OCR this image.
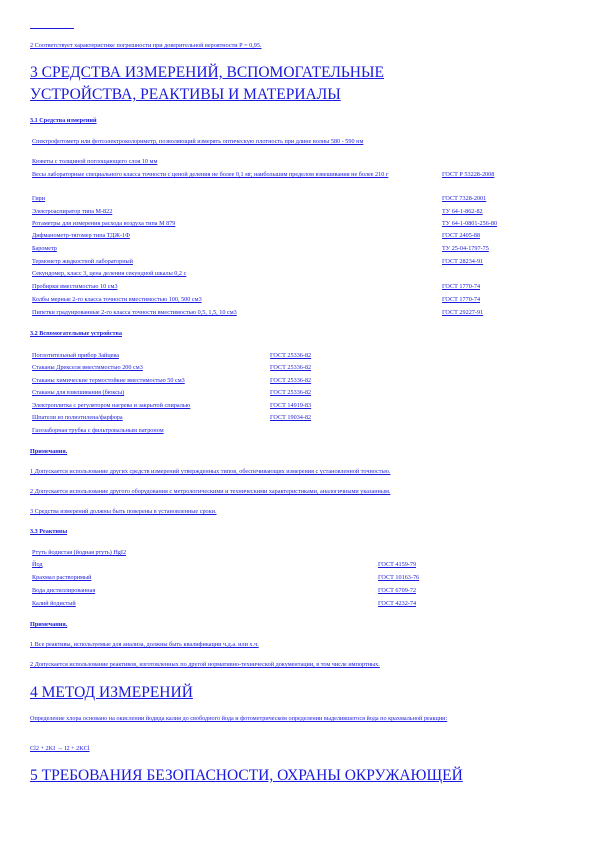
2 Соответствует характеристике погрешности при доверительной вероятности Р = 0,95.
3 СРЕДСТВА ИЗМЕРЕНИЙ, ВСПОМОГАТЕЛЬНЫЕ
УСТРОЙСТВА, РЕАКТИВЫ И МАТЕРИАЛЫ
3.1 Средства измерений
Спектрофотометр или фотоэлектроколориметр, позволяющий измерять оптическую плотность при длине волны 580 - 590 нм
Кюветы с толщиной поглощающего слоя 10 мм
Весы лабораторные специального класса точности с ценой деления не более 0,1 мг, наибольшим пределом взвешивания не более 210 г	ГОСТ Р 53228-2008
Гири	ГОСТ 7328-2001
Электроаспиратор типа М-822	ТУ 64-1-862-82
Ротаметры для измерения расхода воздуха типа М 879	ТУ 64-1-0801-256-80
Дифманометр-тягомер типа ТДЖ-1Ф	ГОСТ 2405-88
Барометр	ТУ 25-04-1797-75
Термометр жидкостной лабораторный	ГОСТ 28234-91
Секундомер, класс 3, цена деления секундной шкалы 0,2 с
Пробирки вместимостью 10 см3	ГОСТ 1770-74
Колбы мерные 2-го класса точности вместимостью 100, 500 см3	ГОСТ 1770-74
Пипетки градуированные 2-го класса точности вместимостью 0,5, 1,5, 10 см3	ГОСТ 29227-91
3.2 Вспомогательные устройства
Поглотительный прибор Зайцева	ГОСТ 25336-82
Стаканы Дрекселя вместимостью 200 см3	ГОСТ 25336-82
Стаканы химические термостойкие вместимостью 50 см3	ГОСТ 25336-82
Стаканы для взвешивания (бюксы)	ГОСТ 25336-82
Электроплитка с регулятором нагрева и закрытой спиралью	ГОСТ 14919-83
Шпатели из полиэтилена/фарфора	ГОСТ 19034-82
Газозаборная трубка с фильтровальным патроном
Примечания.
1 Допускается использование других средств измерений утвержденных типов, обеспечивающих измерения с установленной точностью.
2 Допускается использование другого оборудования с метрологическими и техническими характеристиками, аналогичными указанным.
3 Средства измерений должны быть поверены в установленные сроки.
3.3 Реактивы
Ртуть йодистая (йодная ртуть) HgI2
Йод	ГОСТ 4159-79
Крахмал растворимый	ГОСТ 10163-76
Вода дистиллированная	ГОСТ 6709-72
Калий йодистый	ГОСТ 4232-74
Примечания.
1 Все реактивы, используемые для анализа, должны быть квалификации ч.д.а. или х.ч.
2 Допускается использование реактивов, изготовленных по другой нормативно-технической документации, в том числе импортных.
4 МЕТОД ИЗМЕРЕНИЙ
Определение хлора основано на окислении йодида калия до свободного йода и фотометрическом определении выделившегося йода по крахмальной реакции:
Cl2 + 2KI → I2 + 2KCl
5 ТРЕБОВАНИЯ БЕЗОПАСНОСТИ, ОХРАНЫ ОКРУЖАЮЩЕЙ
